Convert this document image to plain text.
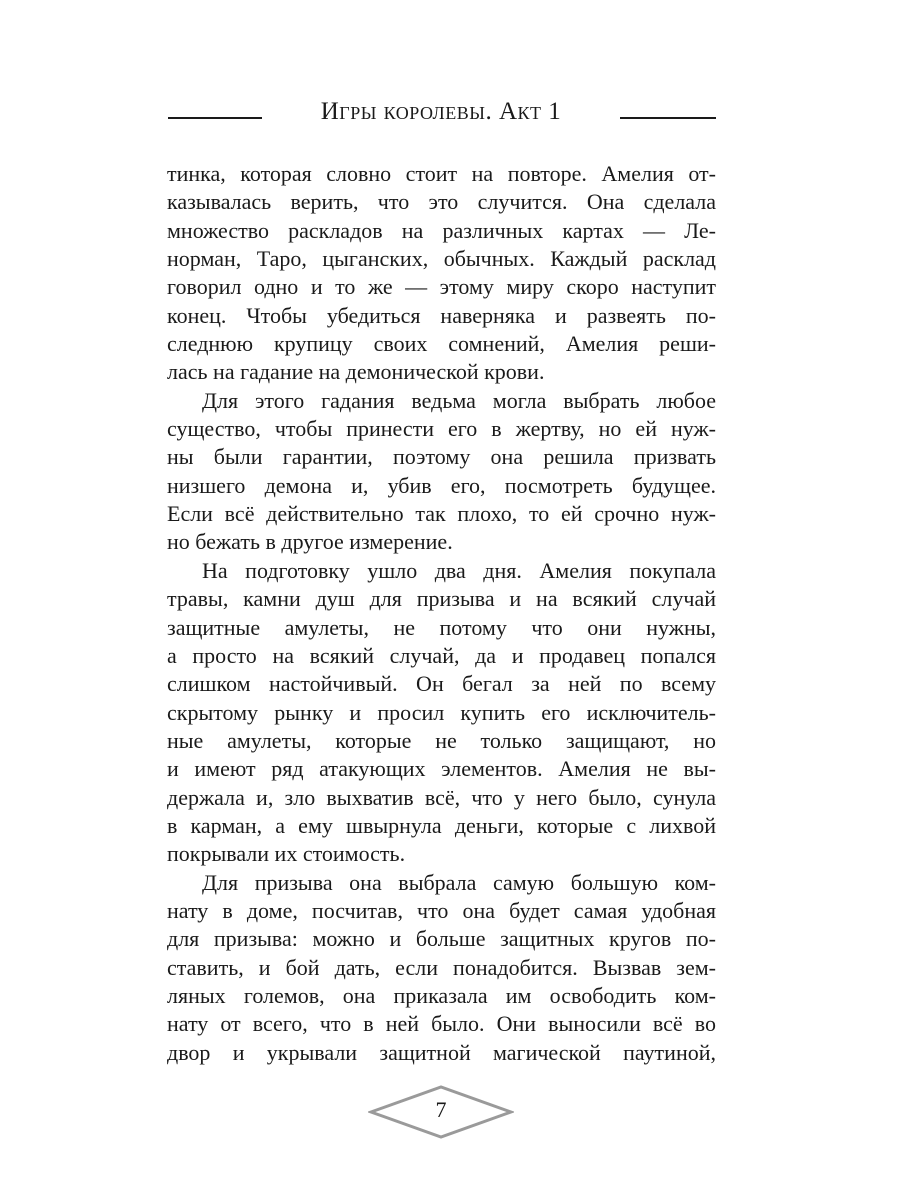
Игры королевы. Акт 1
тинка, которая словно стоит на повторе. Амелия от-
казывалась верить, что это случится. Она сделала
множество раскладов на различных картах — Ле-
норман, Таро, цыганских, обычных. Каждый расклад
говорил одно и то же — этому миру скоро наступит
конец. Чтобы убедиться наверняка и развеять по-
следнюю крупицу своих сомнений, Амелия реши-
лась на гадание на демонической крови.
Для этого гадания ведьма могла выбрать любое
существо, чтобы принести его в жертву, но ей нуж-
ны были гарантии, поэтому она решила призвать
низшего демона и, убив его, посмотреть будущее.
Если всё действительно так плохо, то ей срочно нуж-
но бежать в другое измерение.
На подготовку ушло два дня. Амелия покупала
травы, камни душ для призыва и на всякий случай
защитные амулеты, не потому что они нужны,
а просто на всякий случай, да и продавец попался
слишком настойчивый. Он бегал за ней по всему
скрытому рынку и просил купить его исключитель-
ные амулеты, которые не только защищают, но
и имеют ряд атакующих элементов. Амелия не вы-
держала и, зло выхватив всё, что у него было, сунула
в карман, а ему швырнула деньги, которые с лихвой
покрывали их стоимость.
Для призыва она выбрала самую большую ком-
нату в доме, посчитав, что она будет самая удобная
для призыва: можно и больше защитных кругов по-
ставить, и бой дать, если понадобится. Вызвав зем-
ляных големов, она приказала им освободить ком-
нату от всего, что в ней было. Они выносили всё во
двор и укрывали защитной магической паутиной,
7
